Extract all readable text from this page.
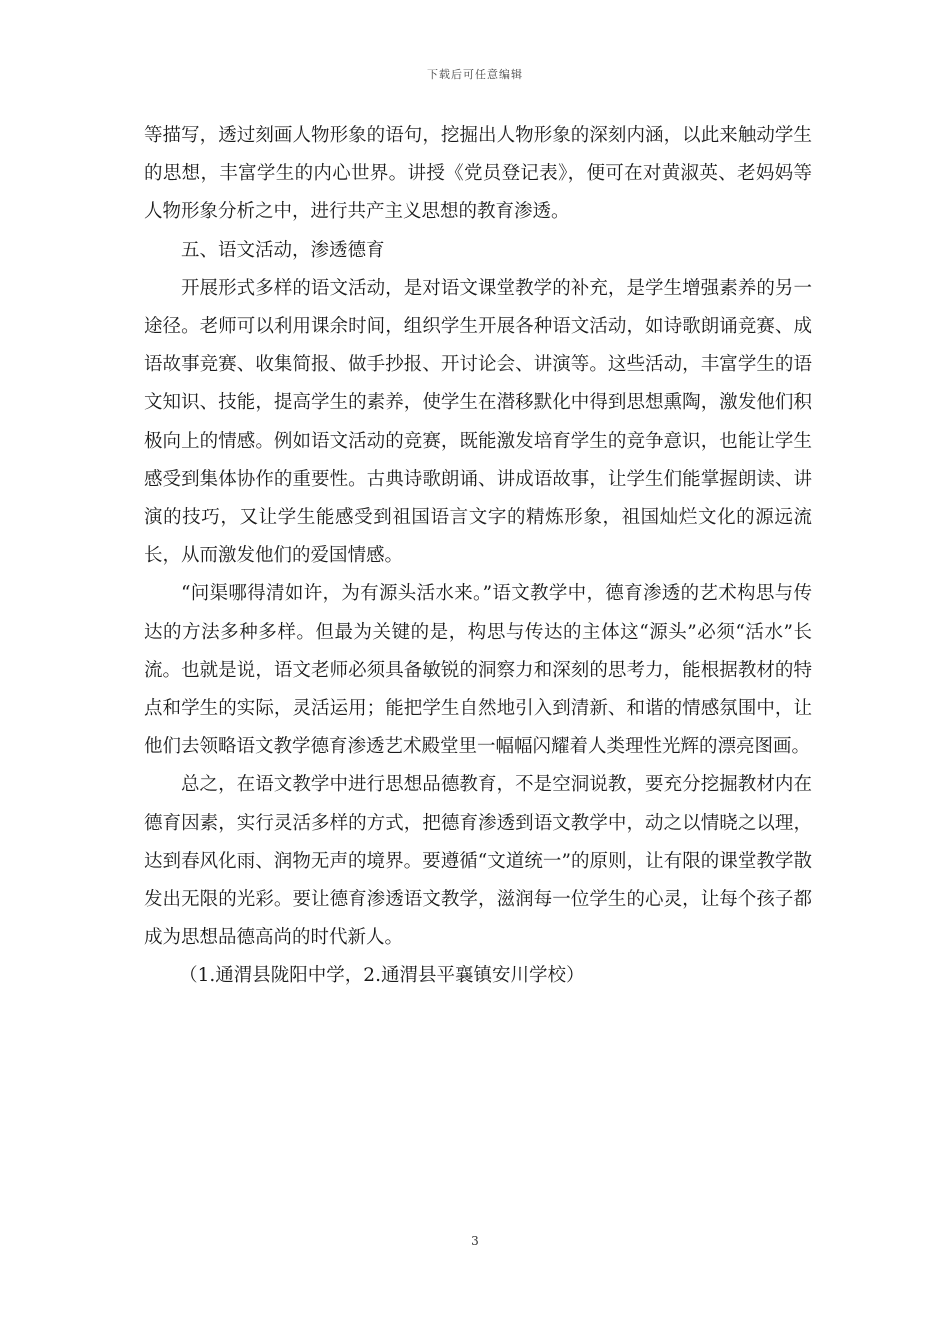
下载后可任意编辑

等描写，透过刻画人物形象的语句，挖掘出人物形象的深刻内涵，以此来触动学生的思想，丰富学生的内心世界。讲授《党员登记表》，便可在对黄淑英、老妈妈等人物形象分析之中，进行共产主义思想的教育渗透。

五、语文活动，渗透德育

开展形式多样的语文活动，是对语文课堂教学的补充，是学生增强素养的另一途径。老师可以利用课余时间，组织学生开展各种语文活动，如诗歌朗诵竞赛、成语故事竞赛、收集简报、做手抄报、开讨论会、讲演等。这些活动，丰富学生的语文知识、技能，提高学生的素养，使学生在潜移默化中得到思想熏陶，激发他们积极向上的情感。例如语文活动的竞赛，既能激发培育学生的竞争意识，也能让学生感受到集体协作的重要性。古典诗歌朗诵、讲成语故事，让学生们能掌握朗读、讲演的技巧，又让学生能感受到祖国语言文字的精炼形象，祖国灿烂文化的源远流长，从而激发他们的爱国情感。

“问渠哪得清如许，为有源头活水来。”语文教学中，德育渗透的艺术构思与传达的方法多种多样。但最为关键的是，构思与传达的主体这“源头”必须“活水”长流。也就是说，语文老师必须具备敏锐的洞察力和深刻的思考力，能根据教材的特点和学生的实际，灵活运用；能把学生自然地引入到清新、和谐的情感氛围中，让他们去领略语文教学德育渗透艺术殿堂里一幅幅闪耀着人类理性光辉的漂亮图画。

总之，在语文教学中进行思想品德教育，不是空洞说教，要充分挖掘教材内在德育因素，实行灵活多样的方式，把德育渗透到语文教学中，动之以情晓之以理，达到春风化雨、润物无声的境界。要遵循“文道统一”的原则，让有限的课堂教学散发出无限的光彩。要让德育渗透语文教学，滋润每一位学生的心灵，让每个孩子都成为思想品德高尚的时代新人。

（1.通渭县陇阳中学，2.通渭县平襄镇安川学校）

3
